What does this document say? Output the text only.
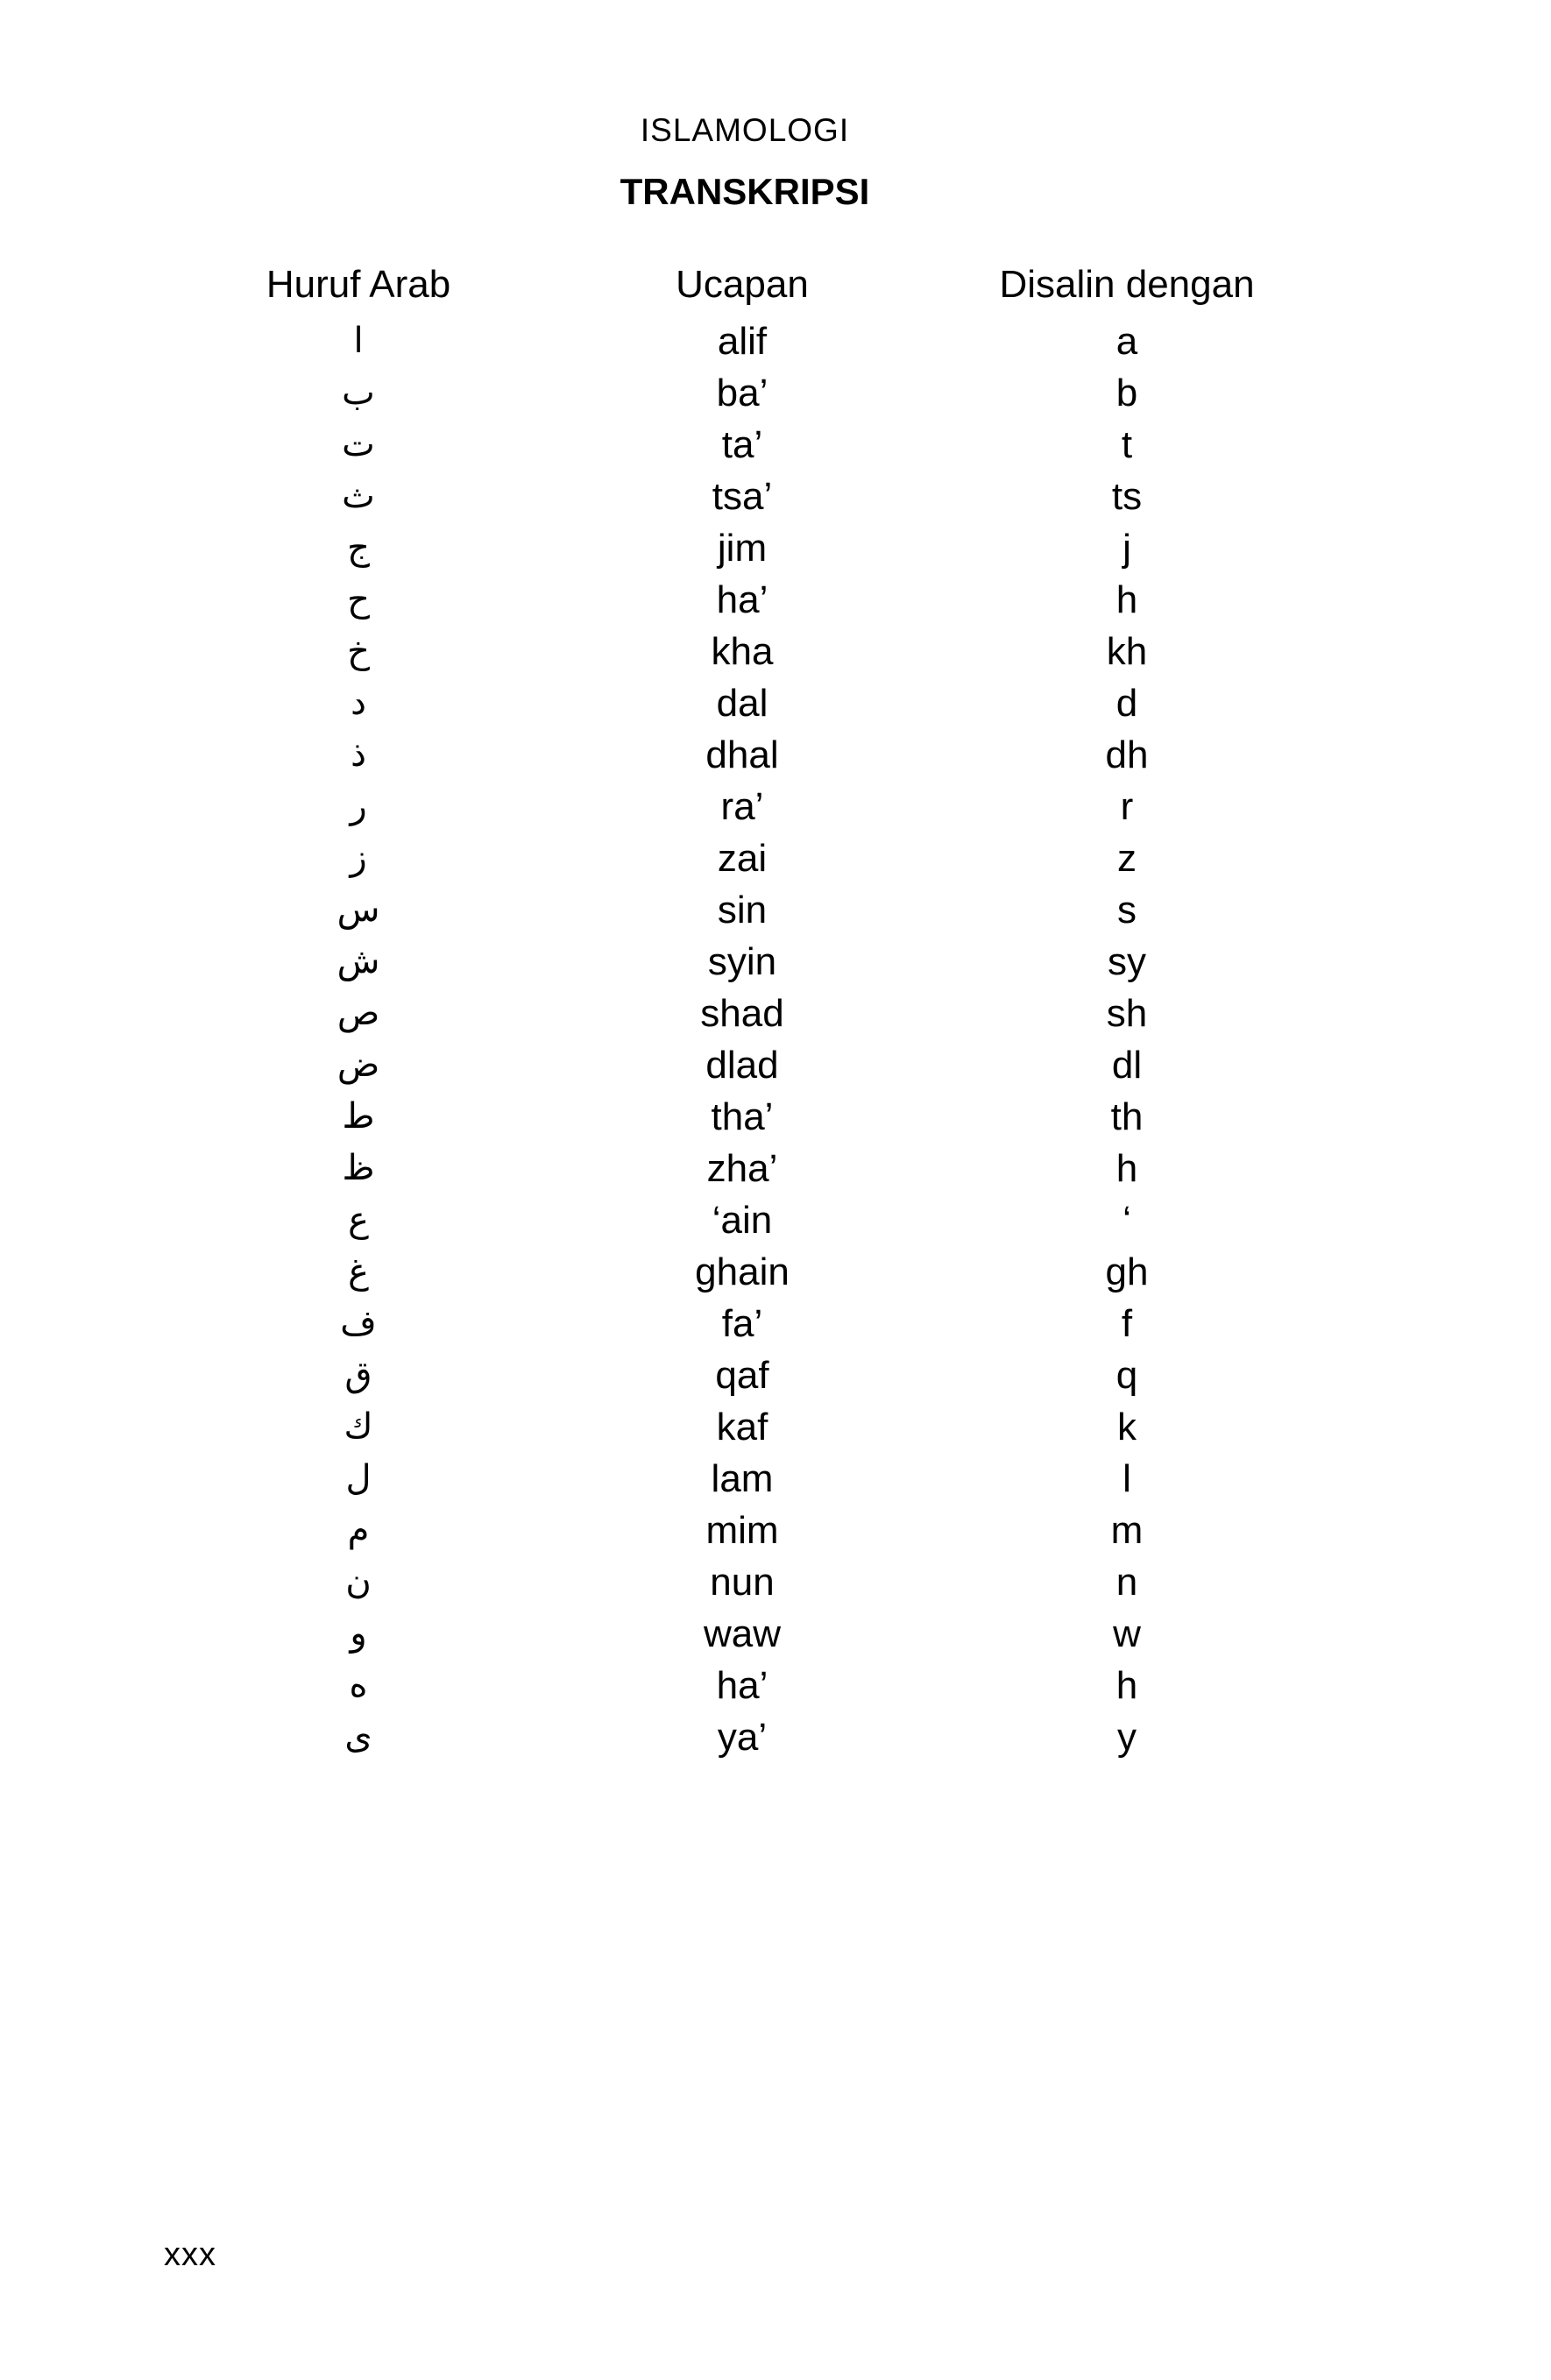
ISLAMOLOGI
TRANSKRIPSI
Huruf Arab	Ucapan	Disalin dengan
ا	alif	a
ب	ba’	b
ت	ta’	t
ث	tsa’	ts
ج	jim	j
ح	ha’	h
خ	kha	kh
د	dal	d
ذ	dhal	dh
ر	ra’	r
ز	zai	z
س	sin	s
ش	syin	sy
ص	shad	sh
ض	dlad	dl
ط	tha’	th
ظ	zha’	h
ع	‘ain	‘
غ	ghain	gh
ف	fa’	f
ق	qaf	q
ك	kaf	k
ل	lam	l
م	mim	m
ن	nun	n
و	waw	w
ه	ha’	h
ى	ya’	y
xxx
